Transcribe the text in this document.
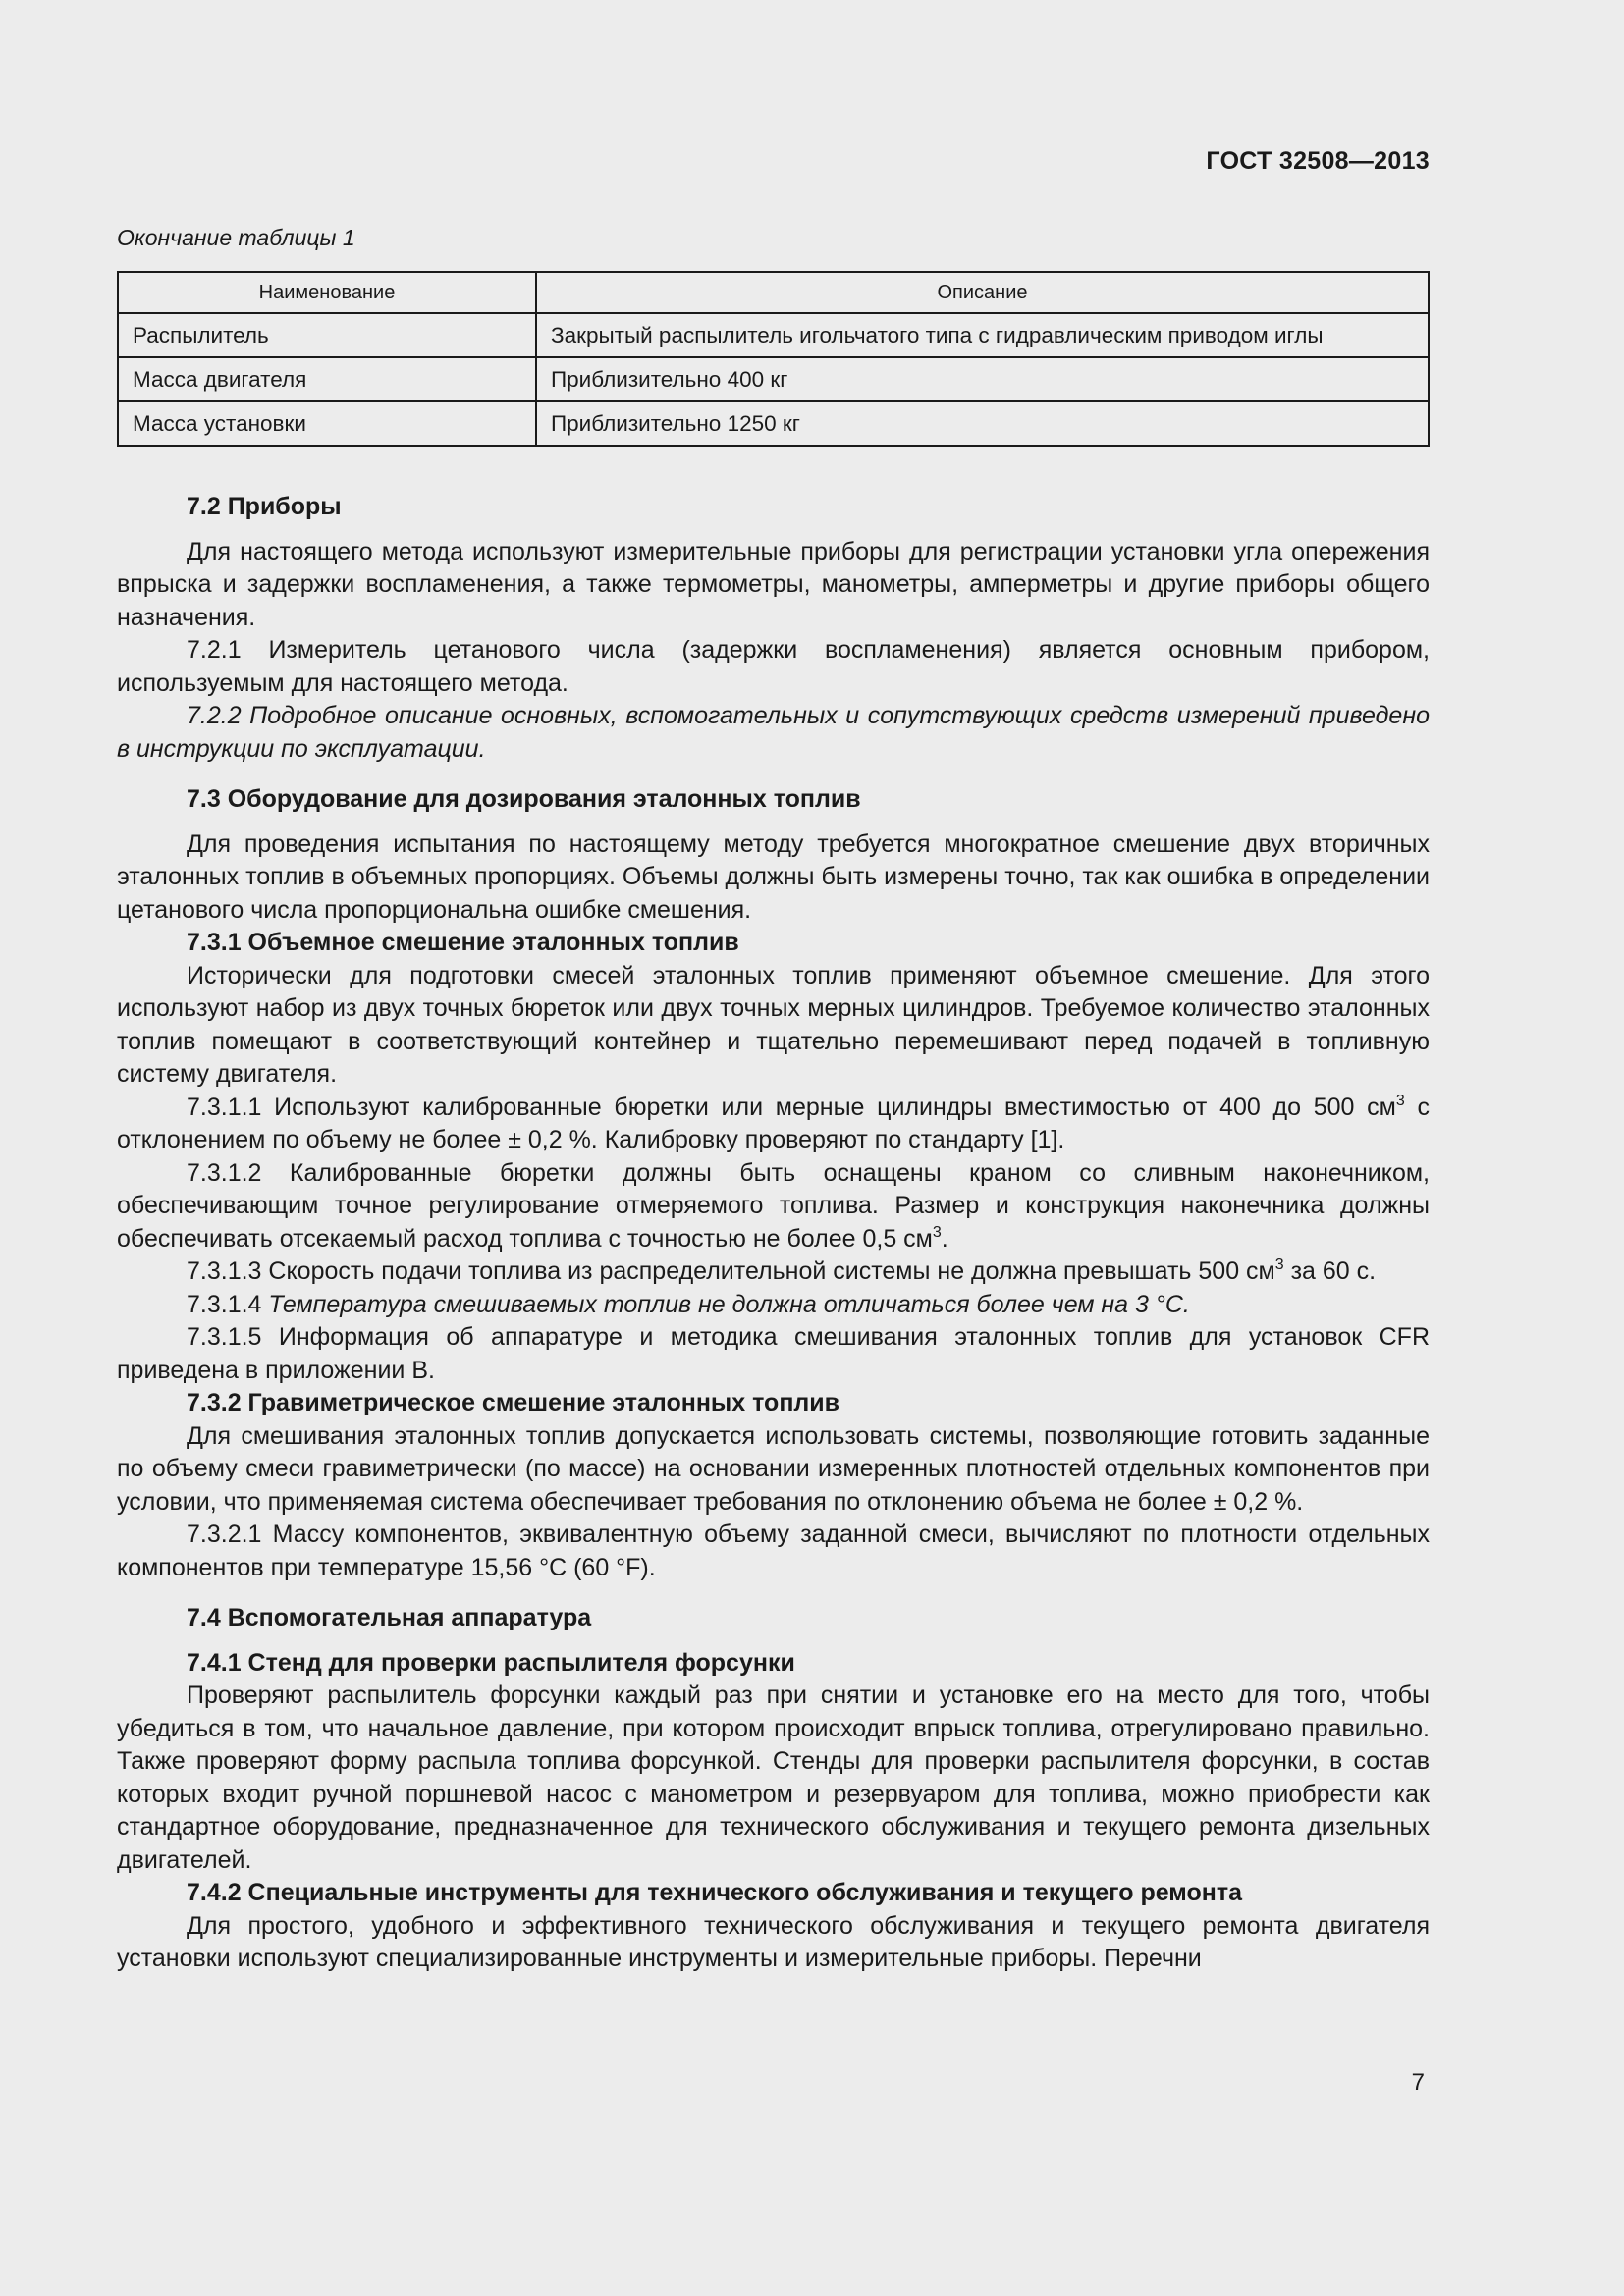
ГОСТ 32508—2013
Окончание таблицы 1
Наименование	Описание
Распылитель	Закрытый распылитель игольчатого типа с гидравлическим приводом иглы
Масса двигателя	Приблизительно 400 кг
Масса установки	Приблизительно 1250 кг

7.2 Приборы

Для настоящего метода используют измерительные приборы для регистрации установки угла опережения впрыска и задержки воспламенения, а также термометры, манометры, амперметры и другие приборы общего назначения.

7.2.1 Измеритель цетанового числа (задержки воспламенения) является основным прибором, используемым для настоящего метода.

7.2.2 Подробное описание основных, вспомогательных и сопутствующих средств измерений приведено в инструкции по эксплуатации.

7.3 Оборудование для дозирования эталонных топлив

Для проведения испытания по настоящему методу требуется многократное смешение двух вторичных эталонных топлив в объемных пропорциях. Объемы должны быть измерены точно, так как ошибка в определении цетанового числа пропорциональна ошибке смешения.

7.3.1 Объемное смешение эталонных топлив

Исторически для подготовки смесей эталонных топлив применяют объемное смешение. Для этого используют набор из двух точных бюреток или двух точных мерных цилиндров. Требуемое количество эталонных топлив помещают в соответствующий контейнер и тщательно перемешивают перед подачей в топливную систему двигателя.

7.3.1.1 Используют калиброванные бюретки или мерные цилиндры вместимостью от 400 до 500 $см^3$ с отклонением по объему не более ± 0,2 %. Калибровку проверяют по стандарту [1].

7.3.1.2 Калиброванные бюретки должны быть оснащены краном со сливным наконечником, обеспечивающим точное регулирование отмеряемого топлива. Размер и конструкция наконечника должны обеспечивать отсекаемый расход топлива с точностью не более 0,5 $см^3$.

7.3.1.3 Скорость подачи топлива из распределительной системы не должна превышать 500 $см^3$ за 60 с.

7.3.1.4 Температура смешиваемых топлив не должна отличаться более чем на 3 °С.

7.3.1.5 Информация об аппаратуре и методика смешивания эталонных топлив для установок CFR приведена в приложении В.

7.3.2 Гравиметрическое смешение эталонных топлив

Для смешивания эталонных топлив допускается использовать системы, позволяющие готовить заданные по объему смеси гравиметрически (по массе) на основании измеренных плотностей отдельных компонентов при условии, что применяемая система обеспечивает требования по отклонению объема не более ± 0,2 %.

7.3.2.1 Массу компонентов, эквивалентную объему заданной смеси, вычисляют по плотности отдельных компонентов при температуре 15,56 °С (60 °F).

7.4 Вспомогательная аппаратура

7.4.1 Стенд для проверки распылителя форсунки

Проверяют распылитель форсунки каждый раз при снятии и установке его на место для того, чтобы убедиться в том, что начальное давление, при котором происходит впрыск топлива, отрегулировано правильно. Также проверяют форму распыла топлива форсункой. Стенды для проверки распылителя форсунки, в состав которых входит ручной поршневой насос с манометром и резервуаром для топлива, можно приобрести как стандартное оборудование, предназначенное для технического обслуживания и текущего ремонта дизельных двигателей.

7.4.2 Специальные инструменты для технического обслуживания и текущего ремонта

Для простого, удобного и эффективного технического обслуживания и текущего ремонта двигателя установки используют специализированные инструменты и измерительные приборы. Перечни

7
